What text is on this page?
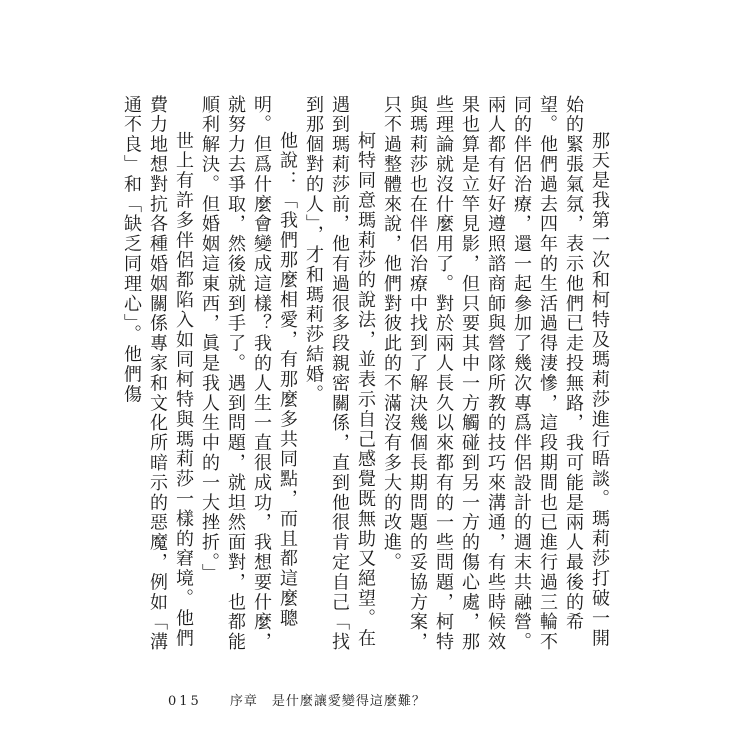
那天是我第一次和柯特及瑪莉莎進行晤談。瑪莉莎打破一開始的緊張氣氛，表示他們已走投無路，我可能是兩人最後的希望。他們過去四年的生活過得淒慘，這段期間也已進行過三輪不同的伴侶治療，還一起參加了幾次專爲伴侶設計的週末共融營。兩人都有好好遵照諮商師與營隊所教的技巧來溝通，有些時候效果也算是立竿見影，但只要其中一方觸碰到另一方的傷心處，那些理論就沒什麼用了。對於兩人長久以來都有的一些問題，柯特與瑪莉莎也在伴侶治療中找到了解決幾個長期問題的妥協方案，只不過整體來說，他們對彼此的不滿沒有多大的改進。

柯特同意瑪莉莎的說法，並表示自己感覺既無助又絕望。在遇到瑪莉莎前，他有過很多段親密關係，直到他很肯定自己「找到那個對的人」，才和瑪莉莎結婚。

他說：「我們那麼相愛，有那麼多共同點，而且都這麼聰明。但爲什麼會變成這樣？我的人生一直很成功，我想要什麼，就努力去爭取，然後就到手了。遇到問題，就坦然面對，也都能順利解決。但婚姻這東西，眞是我人生中的一大挫折。」

世上有許多伴侶都陷入如同柯特與瑪莉莎一樣的窘境。他們費力地想對抗各種婚姻關係專家和文化所暗示的惡魔，例如「溝通不良」和「缺乏同理心」。他們傷

015 序章　是什麼讓愛變得這麼難？
